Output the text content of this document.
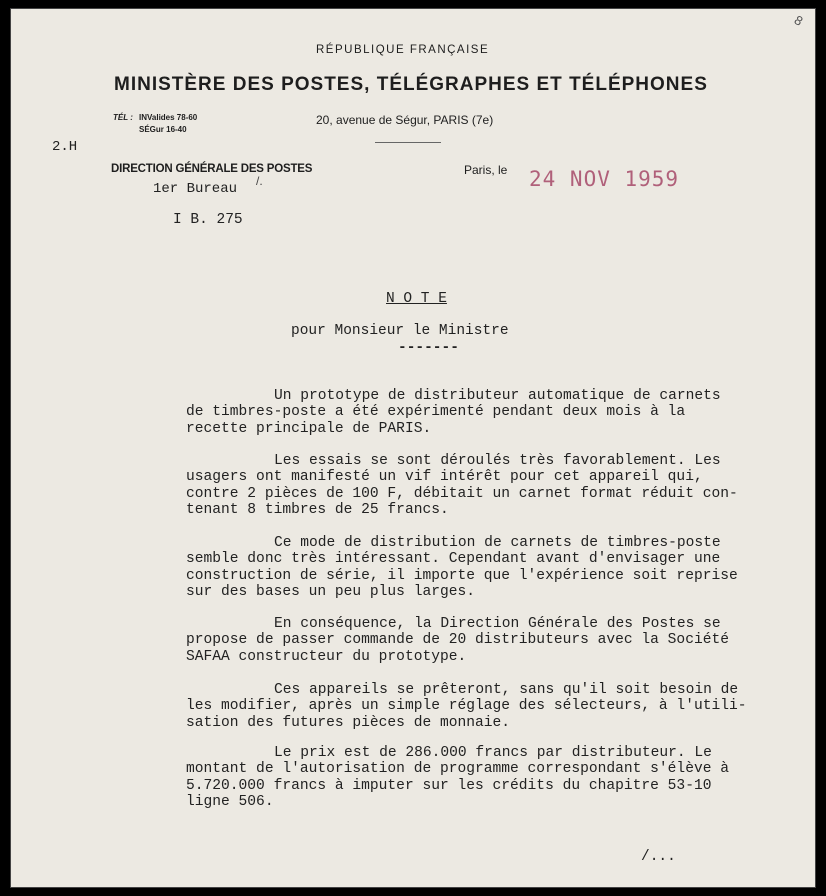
8
RÉPUBLIQUE FRANÇAISE
MINISTÈRE DES POSTES, TÉLÉGRAPHES ET TÉLÉPHONES
TÉL : INValides 78-60
SÉGur 16-40
20, avenue de Ségur, PARIS (7e)
2.H
DIRECTION GÉNÉRALE DES POSTES
1er Bureau /.
I B. 275
Paris, le 24 NOV 1959
N O T E
pour Monsieur le Ministre
-------

Un prototype de distributeur automatique de carnets

de timbres-poste a été expérimenté pendant deux mois à la

recette principale de PARIS.

Les essais se sont déroulés très favorablement. Les

usagers ont manifesté un vif intérêt pour cet appareil qui,

contre 2 pièces de 100 F, débitait un carnet format réduit con-

tenant 8 timbres de 25 francs.

Ce mode de distribution de carnets de timbres-poste

semble donc très intéressant. Cependant avant d'envisager une

construction de série, il importe que l'expérience soit reprise

sur des bases un peu plus larges.

En conséquence, la Direction Générale des Postes se

propose de passer commande de 20 distributeurs avec la Société

SAFAA constructeur du prototype.

Ces appareils se prêteront, sans qu'il soit besoin de

les modifier, après un simple réglage des sélecteurs, à l'utili-

sation des futures pièces de monnaie.

Le prix est de 286.000 francs par distributeur. Le

montant de l'autorisation de programme correspondant s'élève à

5.720.000 francs à imputer sur les crédits du chapitre 53-10

ligne 506.

/...
